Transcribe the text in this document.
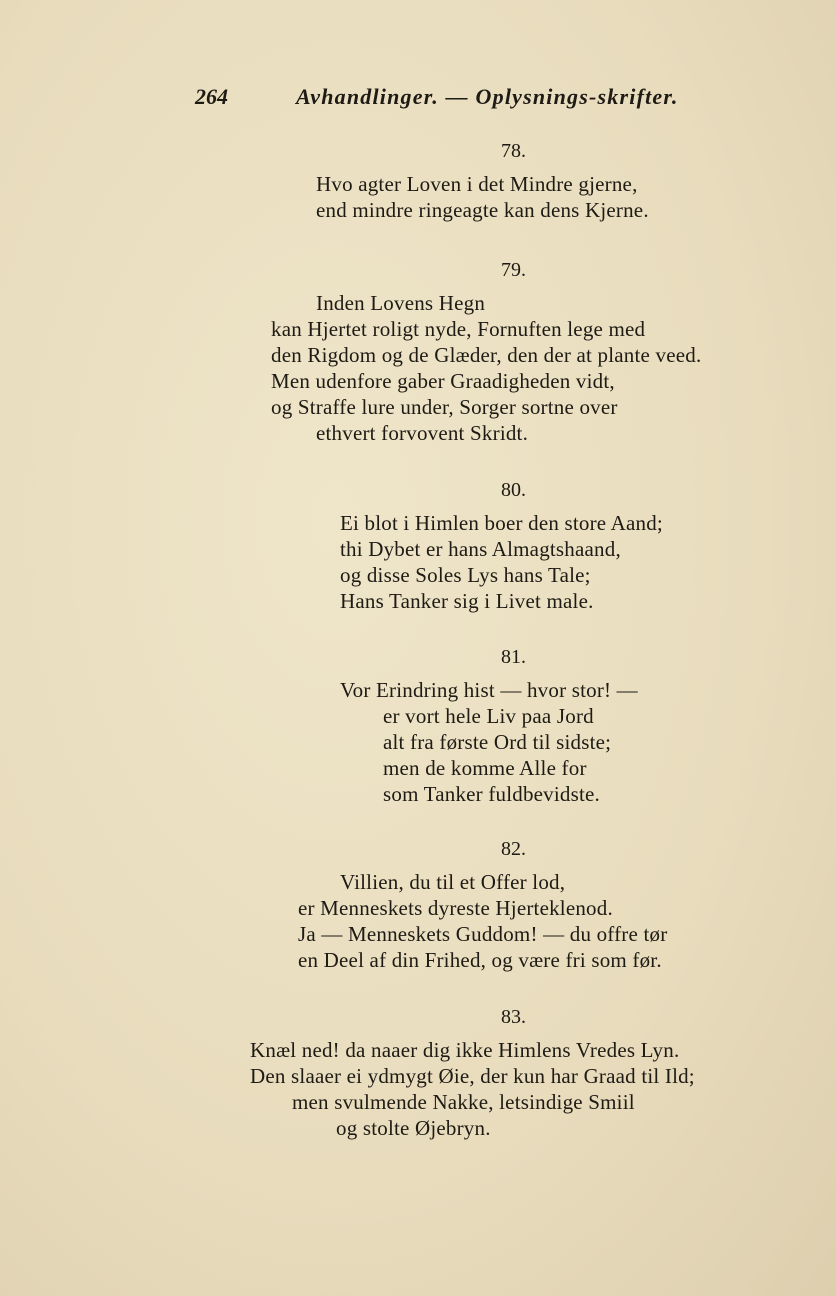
264	Avhandlinger. — Oplysnings-skrifter.
78.
Hvo agter Loven i det Mindre gjerne,
end mindre ringeagte kan dens Kjerne.
79.
Inden Lovens Hegn
kan Hjertet roligt nyde, Fornuften lege med
den Rigdom og de Glæder, den der at plante veed.
Men udenfore gaber Graadigheden vidt,
og Straffe lure under, Sorger sortne over
ethvert forvovent Skridt.
80.
Ei blot i Himlen boer den store Aand;
thi Dybet er hans Almagtshaand,
og disse Soles Lys hans Tale;
Hans Tanker sig i Livet male.
81.
Vor Erindring hist — hvor stor! —
er vort hele Liv paa Jord
alt fra første Ord til sidste;
men de komme Alle for
som Tanker fuldbevidste.
82.
Villien, du til et Offer lod,
er Menneskets dyreste Hjerteklenod.
Ja — Menneskets Guddom! — du offre tør
en Deel af din Frihed, og være fri som før.
83.
Knæl ned! da naaer dig ikke Himlens Vredes Lyn.
Den slaaer ei ydmygt Øie, der kun har Graad til Ild;
men svulmende Nakke, letsindige Smiil
og stolte Øjebryn.
